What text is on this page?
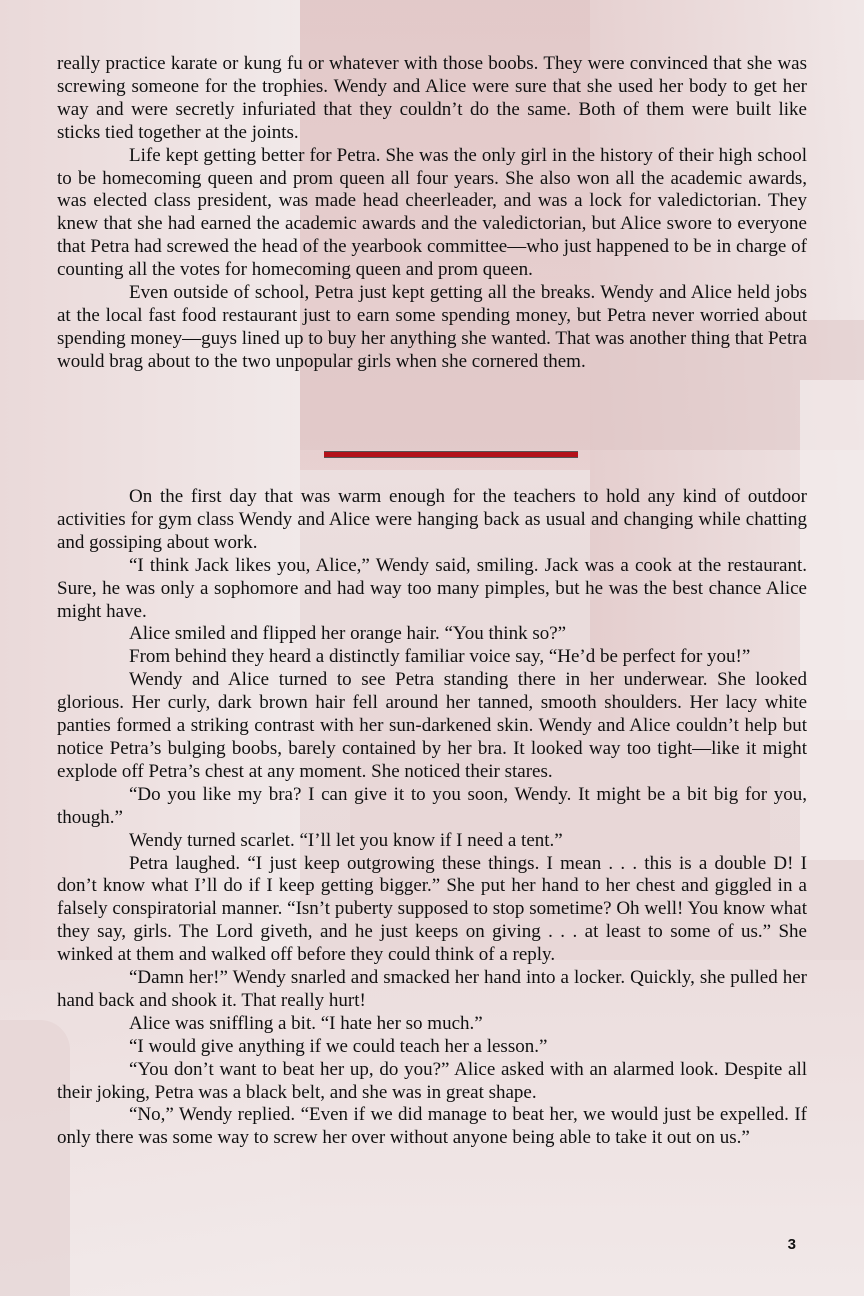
really practice karate or kung fu or whatever with those boobs. They were convinced that she was screwing someone for the trophies. Wendy and Alice were sure that she used her body to get her way and were secretly infuriated that they couldn’t do the same. Both of them were built like sticks tied together at the joints.

Life kept getting better for Petra. She was the only girl in the history of their high school to be homecoming queen and prom queen all four years. She also won all the academic awards, was elected class president, was made head cheerleader, and was a lock for valedictorian. They knew that she had earned the academic awards and the valedictorian, but Alice swore to everyone that Petra had screwed the head of the yearbook committee—who just happened to be in charge of counting all the votes for homecoming queen and prom queen.

Even outside of school, Petra just kept getting all the breaks. Wendy and Alice held jobs at the local fast food restaurant just to earn some spending money, but Petra never worried about spending money—guys lined up to buy her anything she wanted. That was another thing that Petra would brag about to the two unpopular girls when she cornered them.

On the first day that was warm enough for the teachers to hold any kind of outdoor activities for gym class Wendy and Alice were hanging back as usual and changing while chatting and gossiping about work.

“I think Jack likes you, Alice,” Wendy said, smiling. Jack was a cook at the restaurant. Sure, he was only a sophomore and had way too many pimples, but he was the best chance Alice might have.

Alice smiled and flipped her orange hair. “You think so?”

From behind they heard a distinctly familiar voice say, “He’d be perfect for you!”

Wendy and Alice turned to see Petra standing there in her underwear. She looked glorious. Her curly, dark brown hair fell around her tanned, smooth shoulders. Her lacy white panties formed a striking contrast with her sun-darkened skin. Wendy and Alice couldn’t help but notice Petra’s bulging boobs, barely contained by her bra. It looked way too tight—like it might explode off Petra’s chest at any moment. She noticed their stares.

“Do you like my bra? I can give it to you soon, Wendy. It might be a bit big for you, though.”

Wendy turned scarlet. “I’ll let you know if I need a tent.”

Petra laughed. “I just keep outgrowing these things. I mean . . . this is a double D! I don’t know what I’ll do if I keep getting bigger.” She put her hand to her chest and giggled in a falsely conspiratorial manner. “Isn’t puberty supposed to stop sometime? Oh well! You know what they say, girls. The Lord giveth, and he just keeps on giving . . . at least to some of us.” She winked at them and walked off before they could think of a reply.

“Damn her!” Wendy snarled and smacked her hand into a locker. Quickly, she pulled her hand back and shook it. That really hurt!

Alice was sniffling a bit. “I hate her so much.”

“I would give anything if we could teach her a lesson.”

“You don’t want to beat her up, do you?” Alice asked with an alarmed look. Despite all their joking, Petra was a black belt, and she was in great shape.

“No,” Wendy replied. “Even if we did manage to beat her, we would just be expelled. If only there was some way to screw her over without anyone being able to take it out on us.”

3
